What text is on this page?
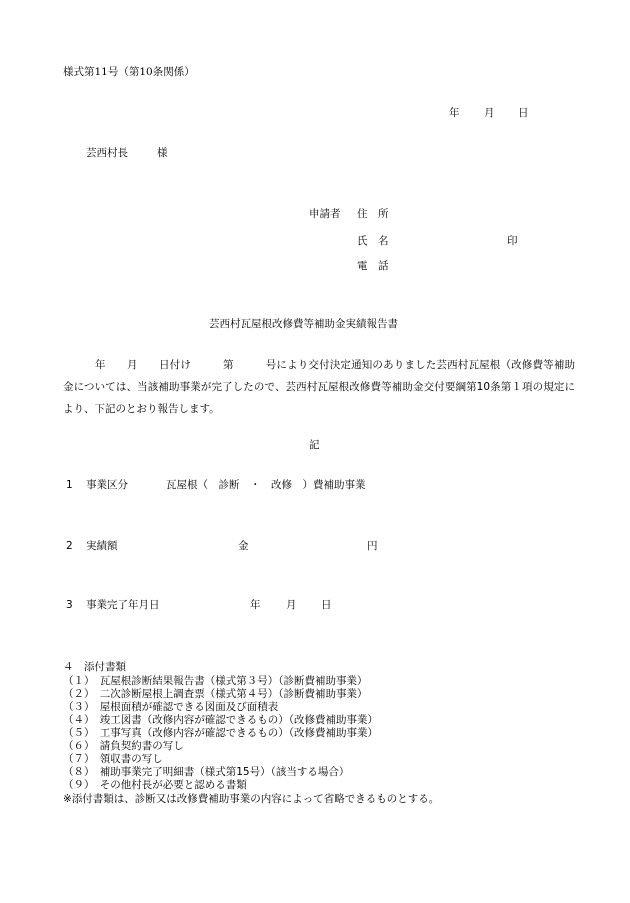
様式第11号（第10条関係）
年 月 日
芸西村長	様
申請者 住　所
氏　名	印
電　話
芸西村瓦屋根改修費等補助金実績報告書
年　　月　　日付け　　　第　　　号により交付決定通知のありました芸西村瓦屋根（改修費等補助金については、当該補助事業が完了したので、芸西村瓦屋根改修費等補助金交付要綱第10条第１項の規定により、下記のとおり報告します。
記
1 事業区分	瓦屋根（　診断　・　改修　）費補助事業
2 実績額	金	円
3 事業完了年月日	年 月 日
４　添付書類
（１）　瓦屋根診断結果報告書（様式第３号）（診断費補助事業）
（２）　二次診断屋根上調査票（様式第４号）（診断費補助事業）
（３）　屋根面積が確認できる図面及び面積表
（４）　竣工図書（改修内容が確認できるもの）（改修費補助事業）
（５）　工事写真（改修内容が確認できるもの）（改修費補助事業）
（６）　請負契約書の写し
（７）　領収書の写し
（８）　補助事業完了明細書（様式第15号）（該当する場合）
（９）　その他村長が必要と認める書類
※添付書類は、診断又は改修費補助事業の内容によって省略できるものとする。
